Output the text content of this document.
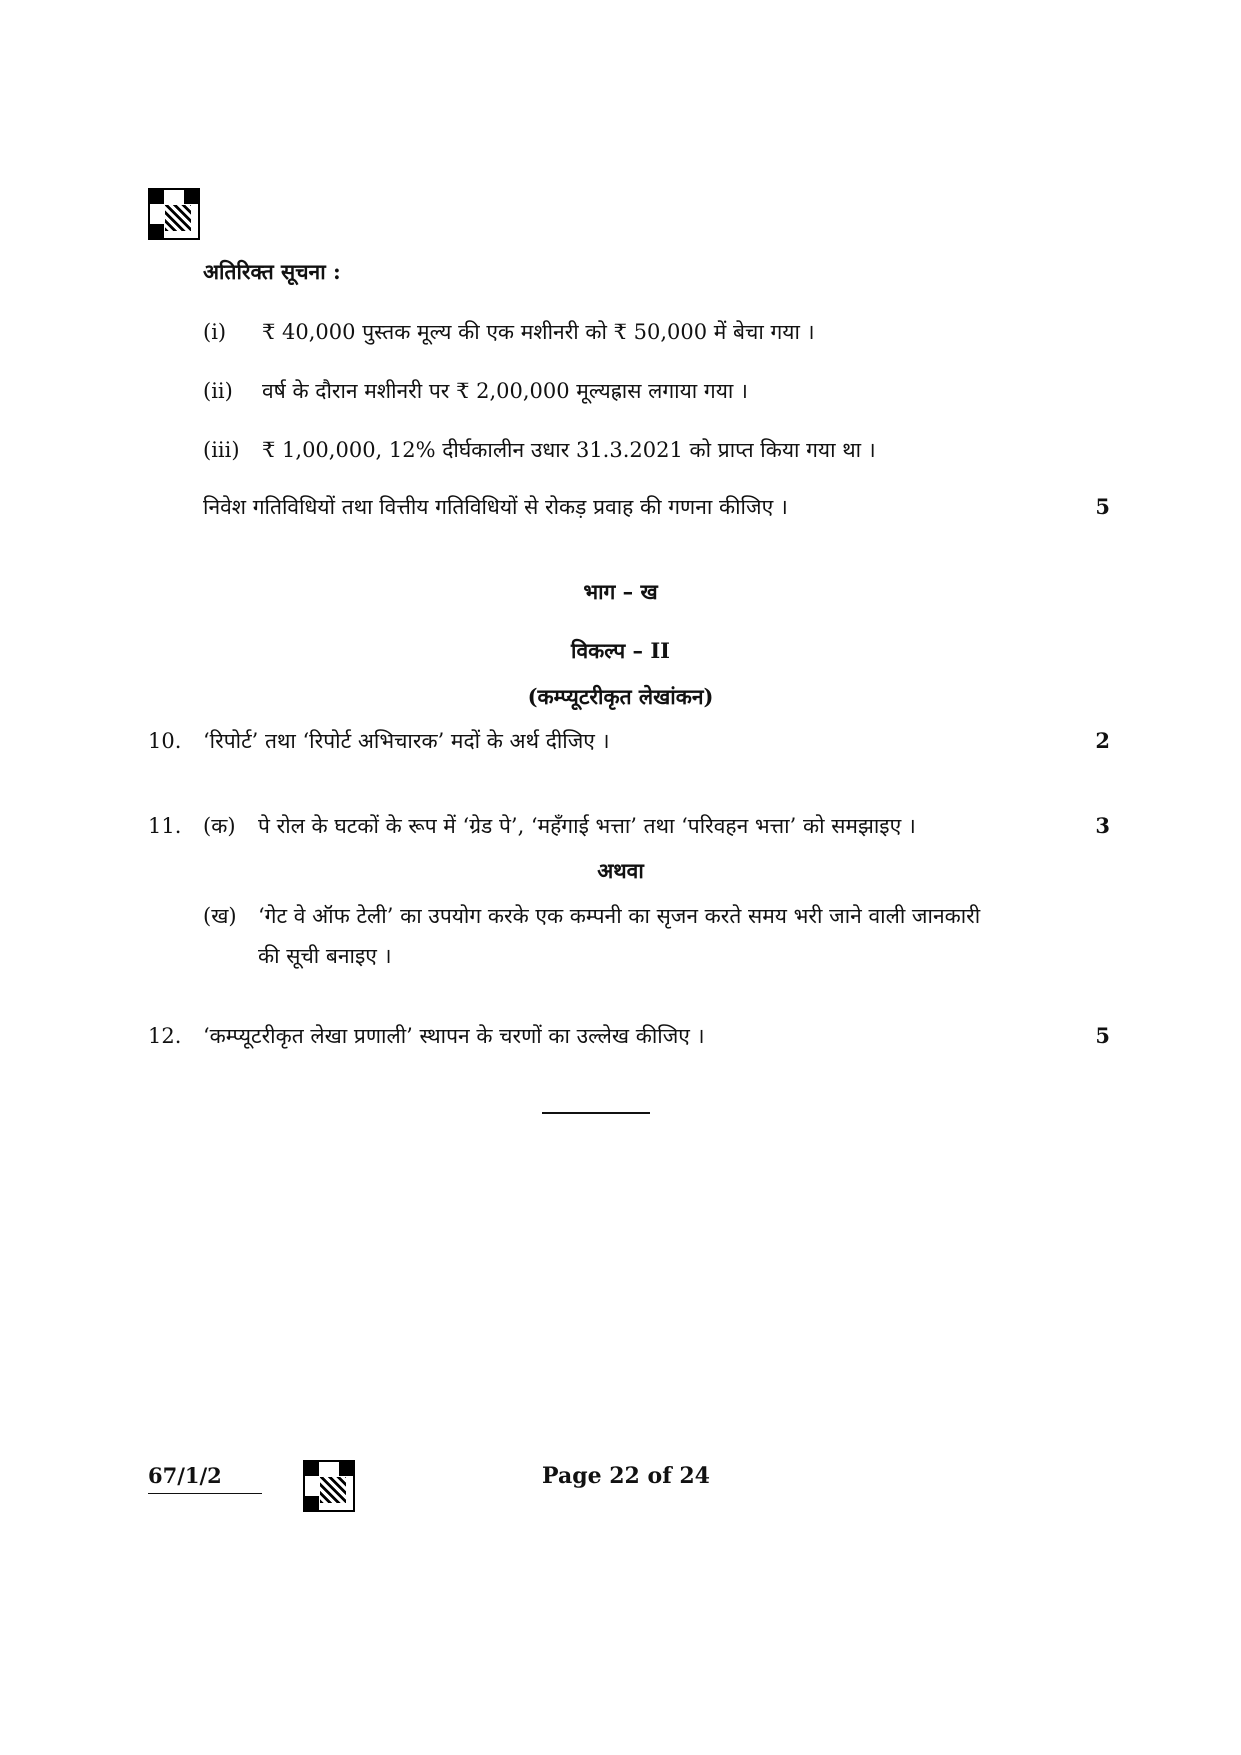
अतिरिक्त सूचना :
(i) ₹ 40,000 पुस्तक मूल्य की एक मशीनरी को ₹ 50,000 में बेचा गया ।
(ii) वर्ष के दौरान मशीनरी पर ₹ 2,00,000 मूल्यह्रास लगाया गया ।
(iii) ₹ 1,00,000, 12% दीर्घकालीन उधार 31.3.2021 को प्राप्त किया गया था ।
निवेश गतिविधियों तथा वित्तीय गतिविधियों से रोकड़ प्रवाह की गणना कीजिए ।	5
भाग – ख
विकल्प – II
(कम्प्यूटरीकृत लेखांकन)
10. ‘रिपोर्ट’ तथा ‘रिपोर्ट अभिचारक’ मदों के अर्थ दीजिए ।	2
11. (क) पे रोल के घटकों के रूप में ‘ग्रेड पे’, ‘महँगाई भत्ता’ तथा ‘परिवहन भत्ता’ को समझाइए ।	3
अथवा
(ख) ‘गेट वे ऑफ टेली’ का उपयोग करके एक कम्पनी का सृजन करते समय भरी जाने वाली जानकारी
की सूची बनाइए ।
12. ‘कम्प्यूटरीकृत लेखा प्रणाली’ स्थापन के चरणों का उल्लेख कीजिए ।	5
67/1/2	Page 22 of 24
